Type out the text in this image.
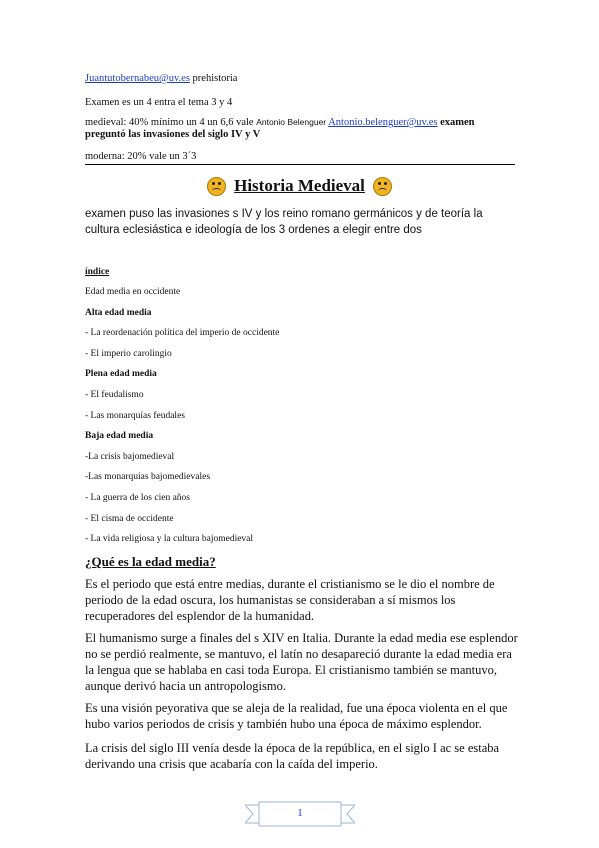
Juantutobernabeu@uv.es prehistoria
Examen es un 4 entra el tema 3 y 4
medieval: 40% mínimo un 4 un 6,6 vale Antonio Belenguer Antonio.belenguer@uv.es examen
preguntó las invasiones del siglo IV y V
moderna: 20% vale un 3´3
Historia Medieval
examen puso las invasiones s IV y los reino romano germánicos y de teoría la cultura eclesiástica e ideología de los 3 ordenes a elegir entre dos
índice
Edad media en occidente
Alta edad media
- La reordenación política del imperio de occidente
- El imperio carolingio
Plena edad media
- El feudalismo
- Las monarquías feudales
Baja edad media
-La crisis bajomedieval
-Las monarquías bajomedievales
- La guerra de los cien años
- El cisma de occidente
- La vida religiosa y la cultura bajomedieval
¿Qué es la edad media?
Es el periodo que está entre medias, durante el cristianismo se le dio el nombre de periodo de la edad oscura, los humanistas se consideraban a sí mismos los recuperadores del esplendor de la humanidad.
El humanismo surge a finales del s XIV en Italia. Durante la edad media ese esplendor no se perdió realmente, se mantuvo, el latín no desapareció durante la edad media era la lengua que se hablaba en casi toda Europa. El cristianismo también se mantuvo, aunque derivó hacia un antropologismo.
Es una visión peyorativa que se aleja de la realidad, fue una época violenta en el que hubo varios periodos de crisis y también hubo una época de máximo esplendor.
La crisis del siglo III venía desde la época de la república, en el siglo I ac se estaba derivando una crisis que acabaría con la caída del imperio.
1
